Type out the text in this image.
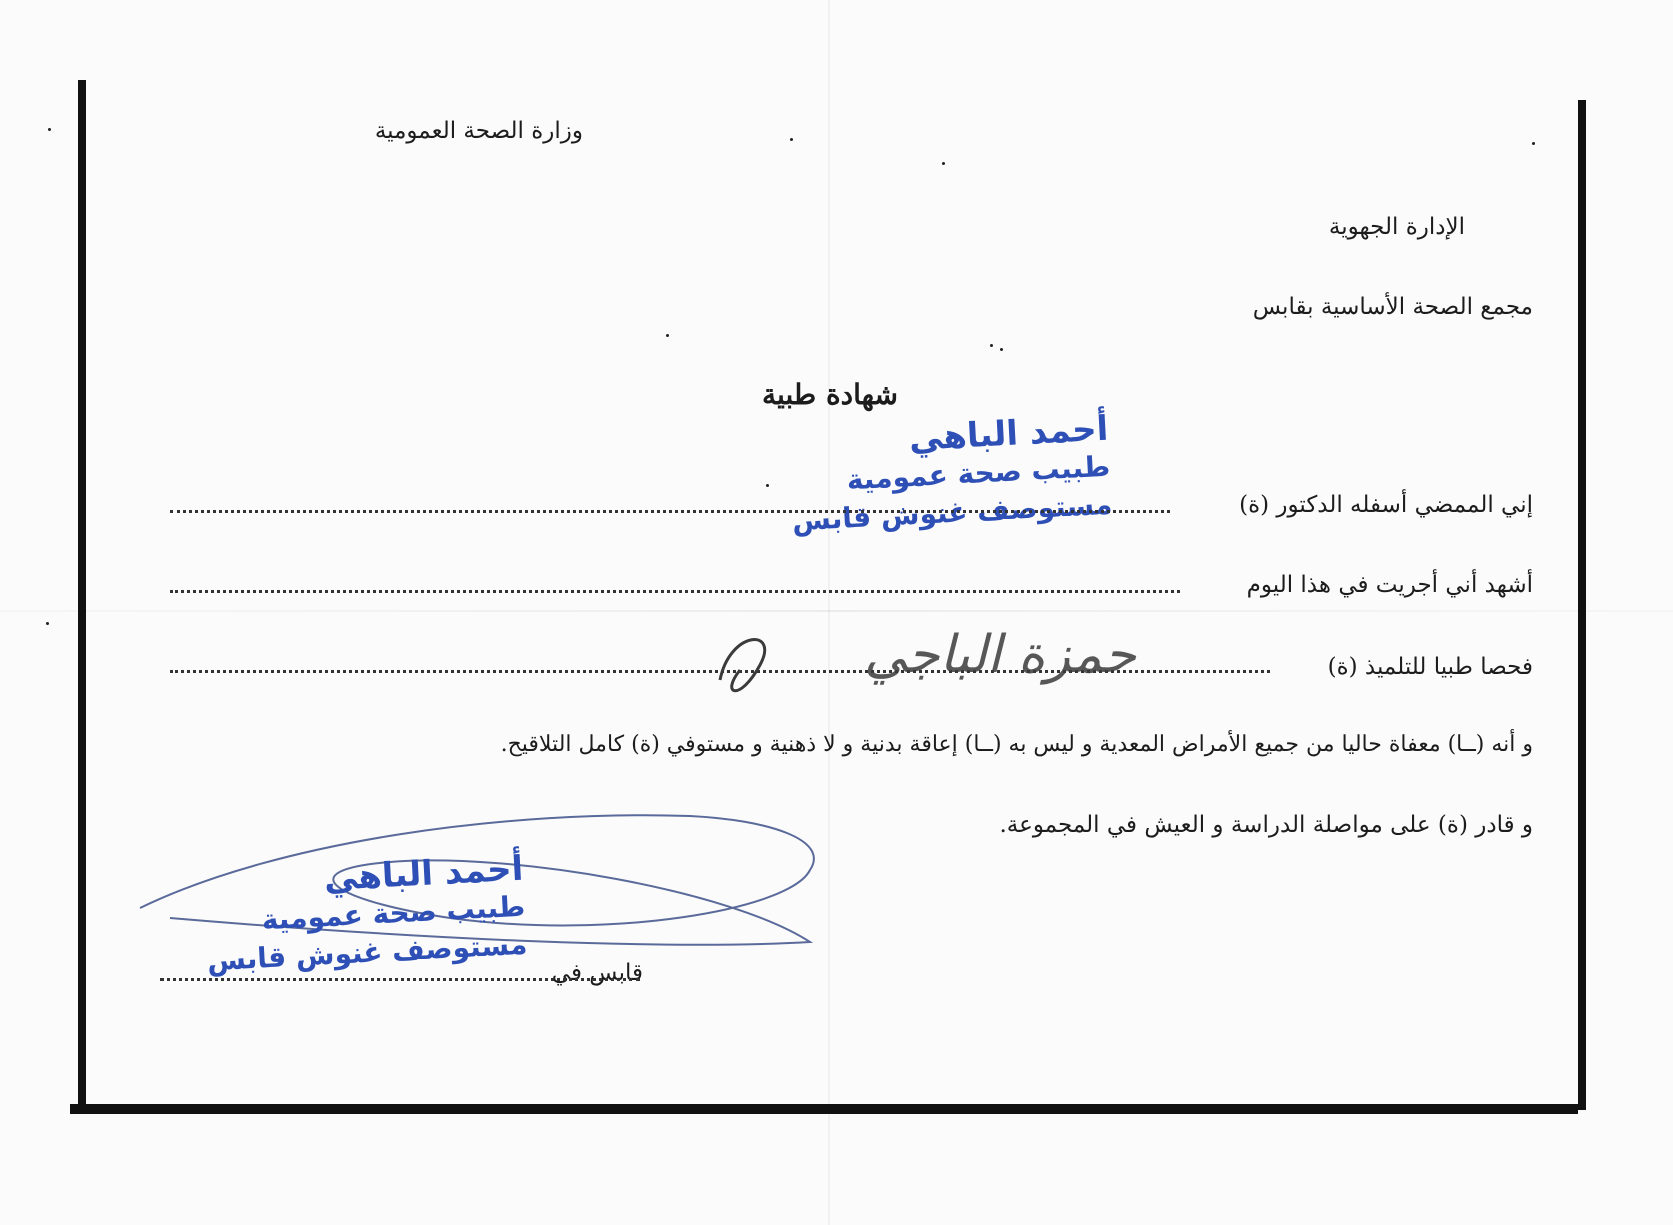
وزارة الصحة العمومية
الإدارة الجهوية
مجمع الصحة الأساسية بقابس
شهادة طبية
أحمد الباهي
طبيب صحة عمومية
مستوصف غنوش قابس	إني الممضي أسفله الدكتور (ة)
أشهد أني أجريت في هذا اليوم
فحصا طبيا للتلميذ (ة)
حمزة الباجي
و أنه (ــا) معفاة حاليا من جميع الأمراض المعدية و ليس به (ــا) إعاقة بدنية و لا ذهنية و مستوفي (ة) كامل التلاقيح.
و قادر (ة) على مواصلة الدراسة و العيش في المجموعة.
أحمد الباهي
طبيب صحة عمومية
مستوصف غنوش قابس قابس في
